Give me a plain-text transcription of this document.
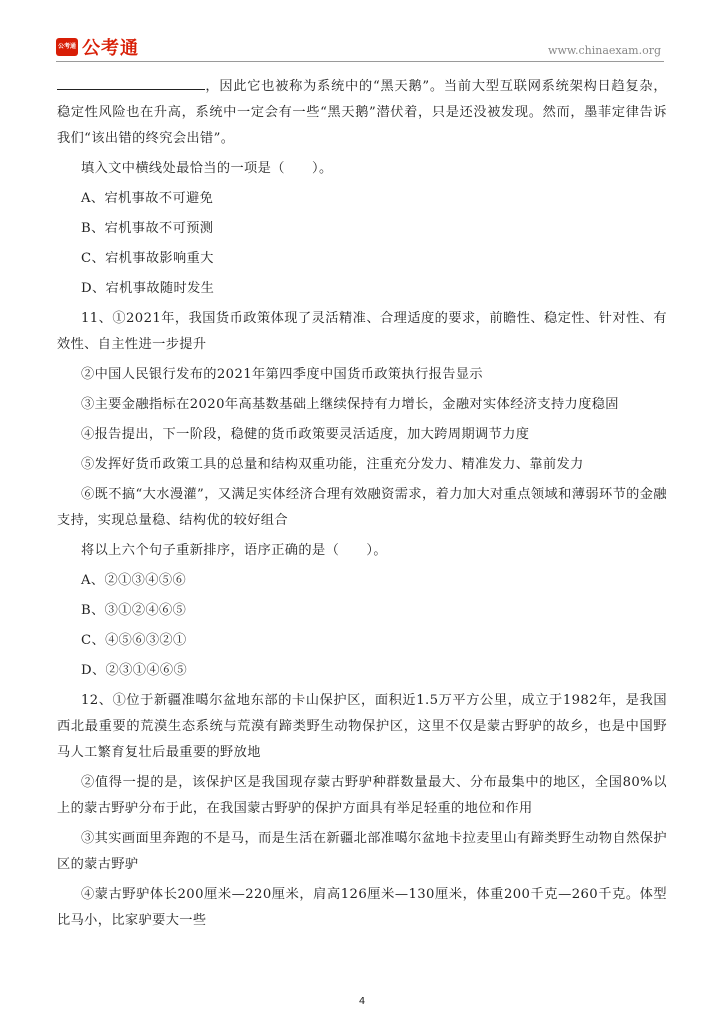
公考通 公考通	www.chinaexam.org

，因此它也被称为系统中的“黑天鹅”。当前大型互联网系统架构日趋复杂，稳定性风险也在升高，系统中一定会有一些“黑天鹅”潜伏着，只是还没被发现。然而，墨菲定律告诉我们“该出错的终究会出错”。

填入文中横线处最恰当的一项是（　　）。

A、宕机事故不可避免

B、宕机事故不可预测

C、宕机事故影响重大

D、宕机事故随时发生

11、①2021年，我国货币政策体现了灵活精准、合理适度的要求，前瞻性、稳定性、针对性、有效性、自主性进一步提升

②中国人民银行发布的2021年第四季度中国货币政策执行报告显示

③主要金融指标在2020年高基数基础上继续保持有力增长，金融对实体经济支持力度稳固

④报告提出，下一阶段，稳健的货币政策要灵活适度，加大跨周期调节力度

⑤发挥好货币政策工具的总量和结构双重功能，注重充分发力、精准发力、靠前发力

⑥既不搞“大水漫灌”，又满足实体经济合理有效融资需求，着力加大对重点领域和薄弱环节的金融支持，实现总量稳、结构优的较好组合

将以上六个句子重新排序，语序正确的是（　　）。

A、②①③④⑤⑥

B、③①②④⑥⑤

C、④⑤⑥③②①

D、②③①④⑥⑤

12、①位于新疆准噶尔盆地东部的卡山保护区，面积近1.5万平方公里，成立于1982年，是我国西北最重要的荒漠生态系统与荒漠有蹄类野生动物保护区，这里不仅是蒙古野驴的故乡，也是中国野马人工繁育复壮后最重要的野放地

②值得一提的是，该保护区是我国现存蒙古野驴种群数量最大、分布最集中的地区，全国80%以上的蒙古野驴分布于此，在我国蒙古野驴的保护方面具有举足轻重的地位和作用

③其实画面里奔跑的不是马，而是生活在新疆北部准噶尔盆地卡拉麦里山有蹄类野生动物自然保护区的蒙古野驴

④蒙古野驴体长200厘米—220厘米，肩高126厘米—130厘米，体重200千克—260千克。体型比马小，比家驴要大一些

4
